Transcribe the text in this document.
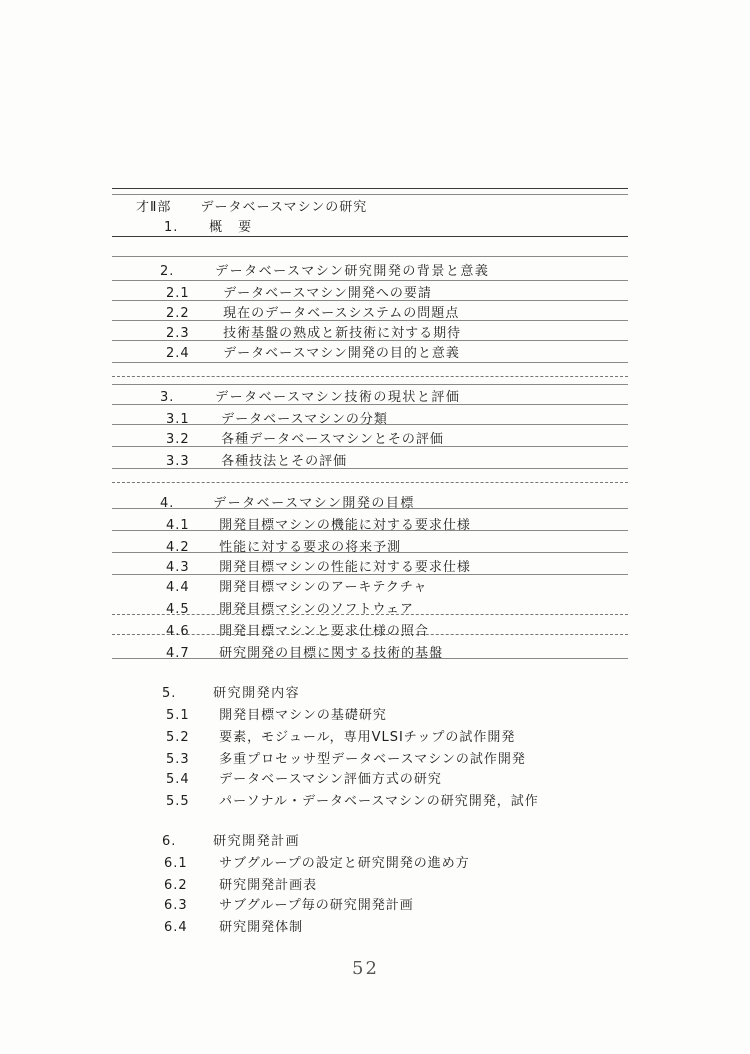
才Ⅱ部 データベースマシンの研究
1. 概　要
2.	データベースマシン研究開発の背景と意義
2.1	データベースマシン開発への要請
2.2	現在のデータベースシステムの問題点
2.3	技術基盤の熟成と新技術に対する期待
2.4	データベースマシン開発の目的と意義
3.	データベースマシン技術の現状と評価
3.1 データベースマシンの分類
3.2 各種データベースマシンとその評価
3.3 各種技法とその評価
4.	データベースマシン開発の目標
4.1 開発目標マシンの機能に対する要求仕様
4.2 性能に対する要求の将来予測
4.3 開発目標マシンの性能に対する要求仕様
4.4 開発目標マシンのアーキテクチャ
4.5 開発目標マシンのソフトウェア
4.6 開発目標マシンと要求仕様の照合
4.7 研究開発の目標に関する技術的基盤
5.	研究開発内容
5.1 開発目標マシンの基礎研究
5.2 要素，モジュール，専用VLSIチップの試作開発
5.3 多重プロセッサ型データベースマシンの試作開発
5.4 データベースマシン評価方式の研究
5.5 パーソナル・データベースマシンの研究開発，試作
6.	研究開発計画
6.1 サブグループの設定と研究開発の進め方
6.2 研究開発計画表
6.3 サブグループ毎の研究開発計画
6.4 研究開発体制
52
